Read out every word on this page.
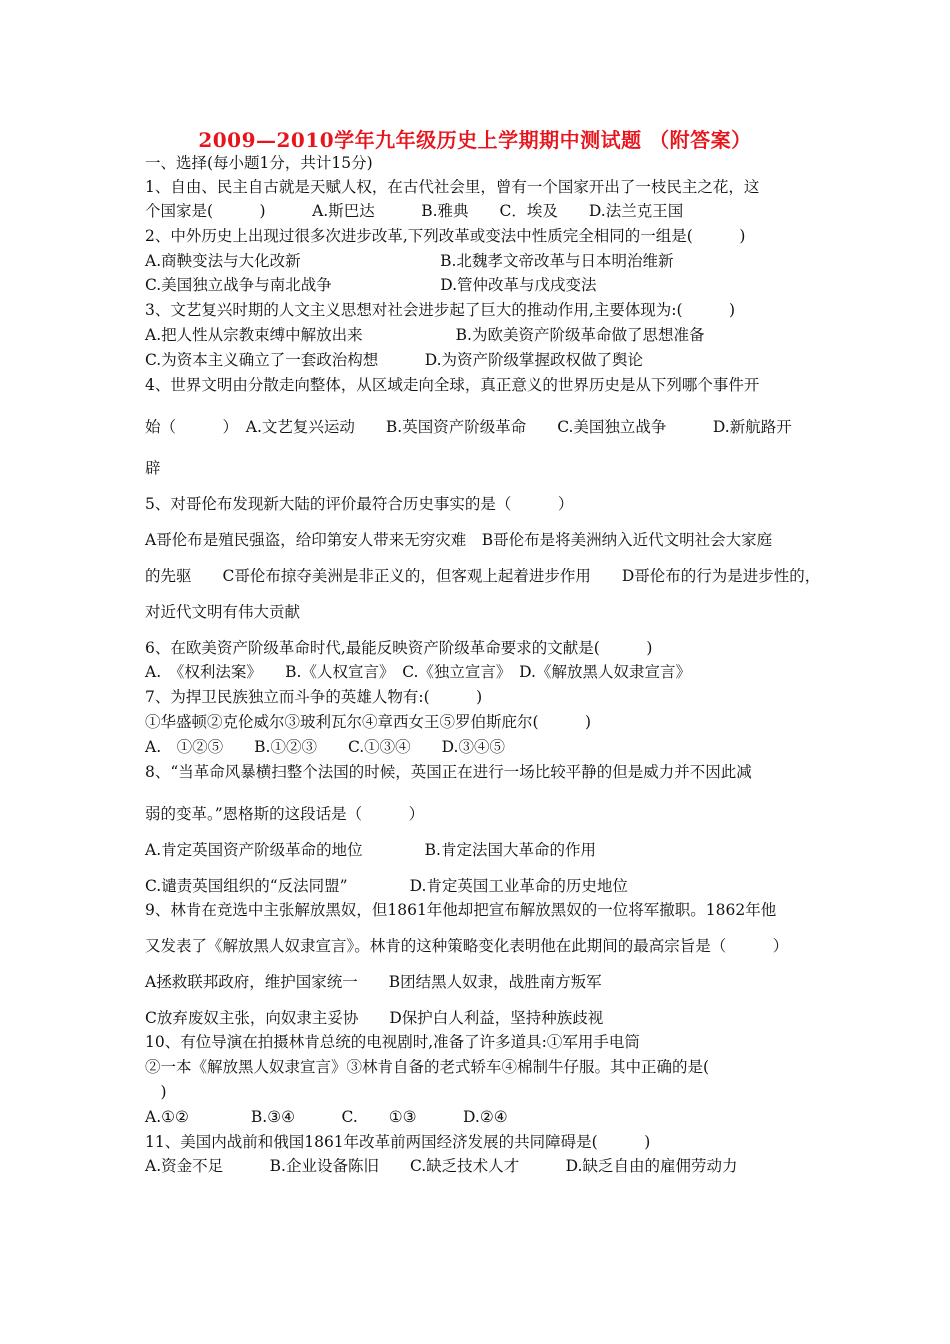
2009—2010学年九年级历史上学期期中测试题 （附答案）
一、选择(每小题1分，共计15分)
1、自由、民主自古就是天赋人权，在古代社会里，曾有一个国家开出了一枝民主之花，这
个国家是(　　　)　　　A.斯巴达　　　B.雅典　　C．埃及　　D.法兰克王国
2、中外历史上出现过很多次进步改革,下列改革或变法中性质完全相同的一组是(　　　)
A.商鞅变法与大化改新　　　　　　　　　B.北魏孝文帝改革与日本明治维新
C.美国独立战争与南北战争　　　　　　　D.管仲改革与戊戌变法
3、文艺复兴时期的人文主义思想对社会进步起了巨大的推动作用,主要体现为:(　　　)
A.把人性从宗教束缚中解放出来　　　　　　B.为欧美资产阶级革命做了思想准备
C.为资本主义确立了一套政治构想　　　D.为资产阶级掌握政权做了舆论
4、世界文明由分散走向整体，从区域走向全球，真正意义的世界历史是从下列哪个事件开
始（　　　）　A.文艺复兴运动　　B.英国资产阶级革命　　C.美国独立战争　　　D.新航路开
辟
5、对哥伦布发现新大陆的评价最符合历史事实的是（　　　）
A哥伦布是殖民强盗，给印第安人带来无穷灾难　B哥伦布是将美洲纳入近代文明社会大家庭
的先驱　　C哥伦布掠夺美洲是非正义的，但客观上起着进步作用　　D哥伦布的行为是进步性的，
对近代文明有伟大贡献
6、在欧美资产阶级革命时代,最能反映资产阶级革命要求的文献是(　　　)
A.　《权利法案》　　B.《人权宣言》　C.《独立宣言》　D.《解放黑人奴隶宣言》
7、为捍卫民族独立而斗争的英雄人物有:(　　　)
①华盛顿②克伦威尔③玻利瓦尔④章西女王⑤罗伯斯庇尔(　　　)
A.　①②⑤　　B.①②③　　C.①③④　　D.③④⑤
8、“当革命风暴横扫整个法国的时候，英国正在进行一场比较平静的但是威力并不因此减
弱的变革。”恩格斯的这段话是（　　　）
A.肯定英国资产阶级革命的地位　　　　B.肯定法国大革命的作用
C.谴责英国组织的“反法同盟”　　　　D.肯定英国工业革命的历史地位
9、林肯在竞选中主张解放黑奴，但1861年他却把宣布解放黑奴的一位将军撤职。1862年他
又发表了《解放黑人奴隶宣言》。林肯的这种策略变化表明他在此期间的最高宗旨是（　　　）
A拯救联邦政府，维护国家统一　　B团结黑人奴隶，战胜南方叛军
C放弃废奴主张，向奴隶主妥协　　D保护白人利益，坚持种族歧视
10、有位导演在拍摄林肯总统的电视剧时,准备了许多道具:①军用手电筒
②一本《解放黑人奴隶宣言》③林肯自备的老式轿车④棉制牛仔服。其中正确的是(
　)
A.①②　　　　B.③④　　　C.　　①③　　　D.②④
11、美国内战前和俄国1861年改革前两国经济发展的共同障碍是(　　　)
A.资金不足　　　B.企业设备陈旧　　C.缺乏技术人才　　　D.缺乏自由的雇佣劳动力
